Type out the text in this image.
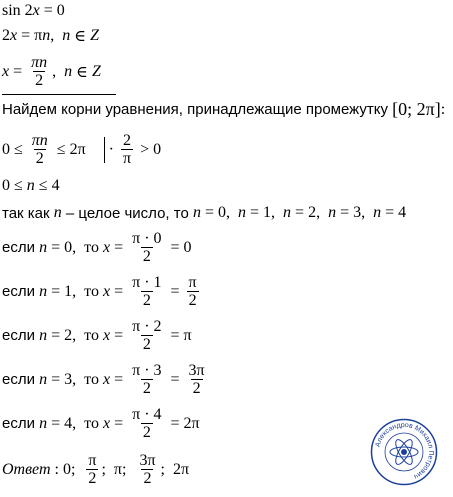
sin 2 x = 0
2 x = π n , n ∈ Z
$x = \frac{\pi n}{2}$ , n ∈ Z
Найдем корни уравнения, принадлежащие промежутку [0; 2π] :
$0 \le \frac{\pi n}{2} \le 2\pi \cdot \frac{2}{\pi} > 0$
0 ≤ n ≤ 4
так как n – целое число, то n = 0, n = 1, n = 2, n = 3, n = 4
если n = 0,  то $x = \frac{\pi \cdot 0}{2} = 0$
если n = 1,  то $x = \frac{\pi \cdot 1}{2} = \frac{\pi}{2}$
если n = 2,  то $x = \frac{\pi \cdot 2}{2} = \pi$
если n = 3,  то $x = \frac{\pi \cdot 3}{2} = \frac{3\pi}{2}$
если n = 4,  то $x = \frac{\pi \cdot 4}{2} = 2\pi$
Ответ : 0; $\frac{\pi}{2}$ ;  π; $\frac{3\pi}{2}$ ;  2π
Александров Михаил Петрович
